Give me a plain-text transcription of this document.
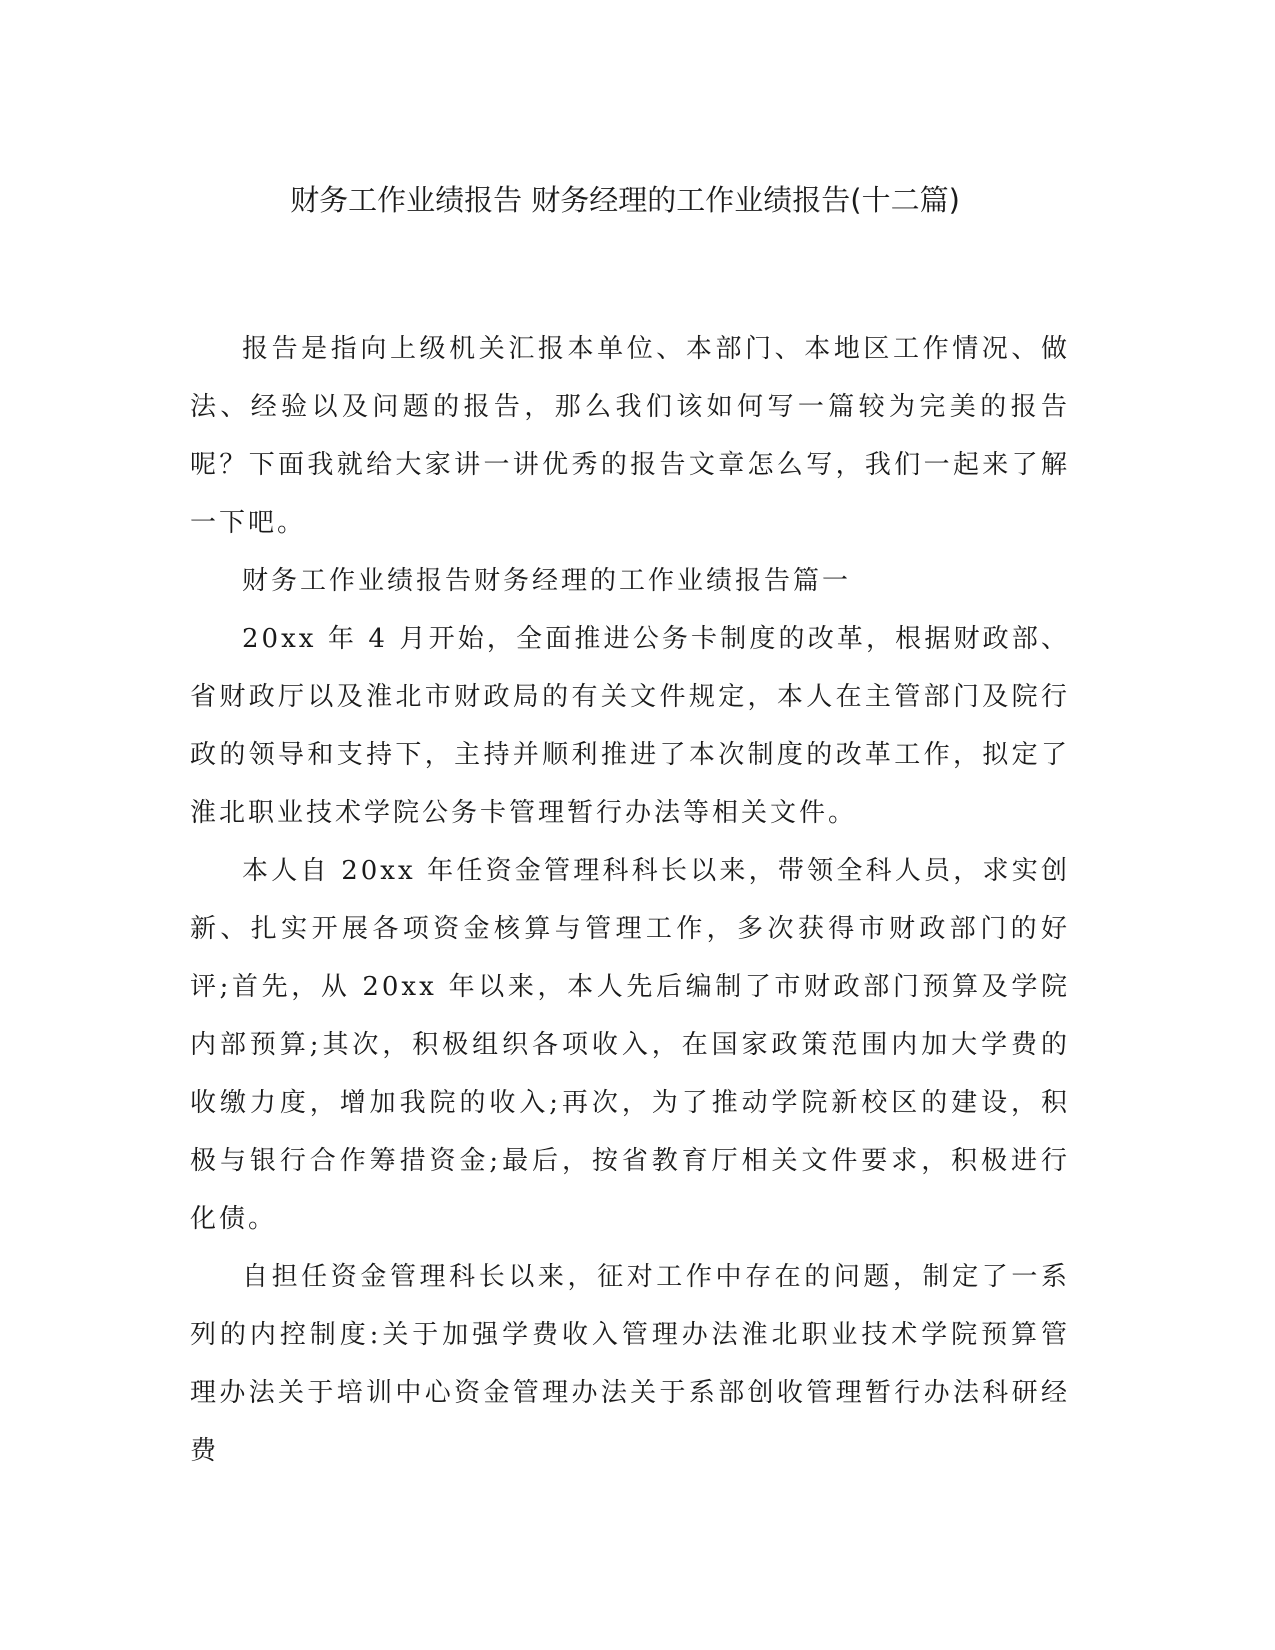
财务工作业绩报告 财务经理的工作业绩报告(十二篇)

报告是指向上级机关汇报本单位、本部门、本地区工作情况、做法、经验以及问题的报告，那么我们该如何写一篇较为完美的报告呢？下面我就给大家讲一讲优秀的报告文章怎么写，我们一起来了解一下吧。

财务工作业绩报告财务经理的工作业绩报告篇一

20xx 年 4 月开始，全面推进公务卡制度的改革，根据财政部、省财政厅以及淮北市财政局的有关文件规定，本人在主管部门及院行政的领导和支持下，主持并顺利推进了本次制度的改革工作，拟定了淮北职业技术学院公务卡管理暂行办法等相关文件。

本人自 20xx 年任资金管理科科长以来，带领全科人员，求实创新、扎实开展各项资金核算与管理工作，多次获得市财政部门的好评;首先，从 20xx 年以来，本人先后编制了市财政部门预算及学院内部预算;其次，积极组织各项收入，在国家政策范围内加大学费的收缴力度，增加我院的收入;再次，为了推动学院新校区的建设，积极与银行合作筹措资金;最后，按省教育厅相关文件要求，积极进行化债。

自担任资金管理科长以来，征对工作中存在的问题，制定了一系列的内控制度:关于加强学费收入管理办法淮北职业技术学院预算管理办法关于培训中心资金管理办法关于系部创收管理暂行办法科研经费
